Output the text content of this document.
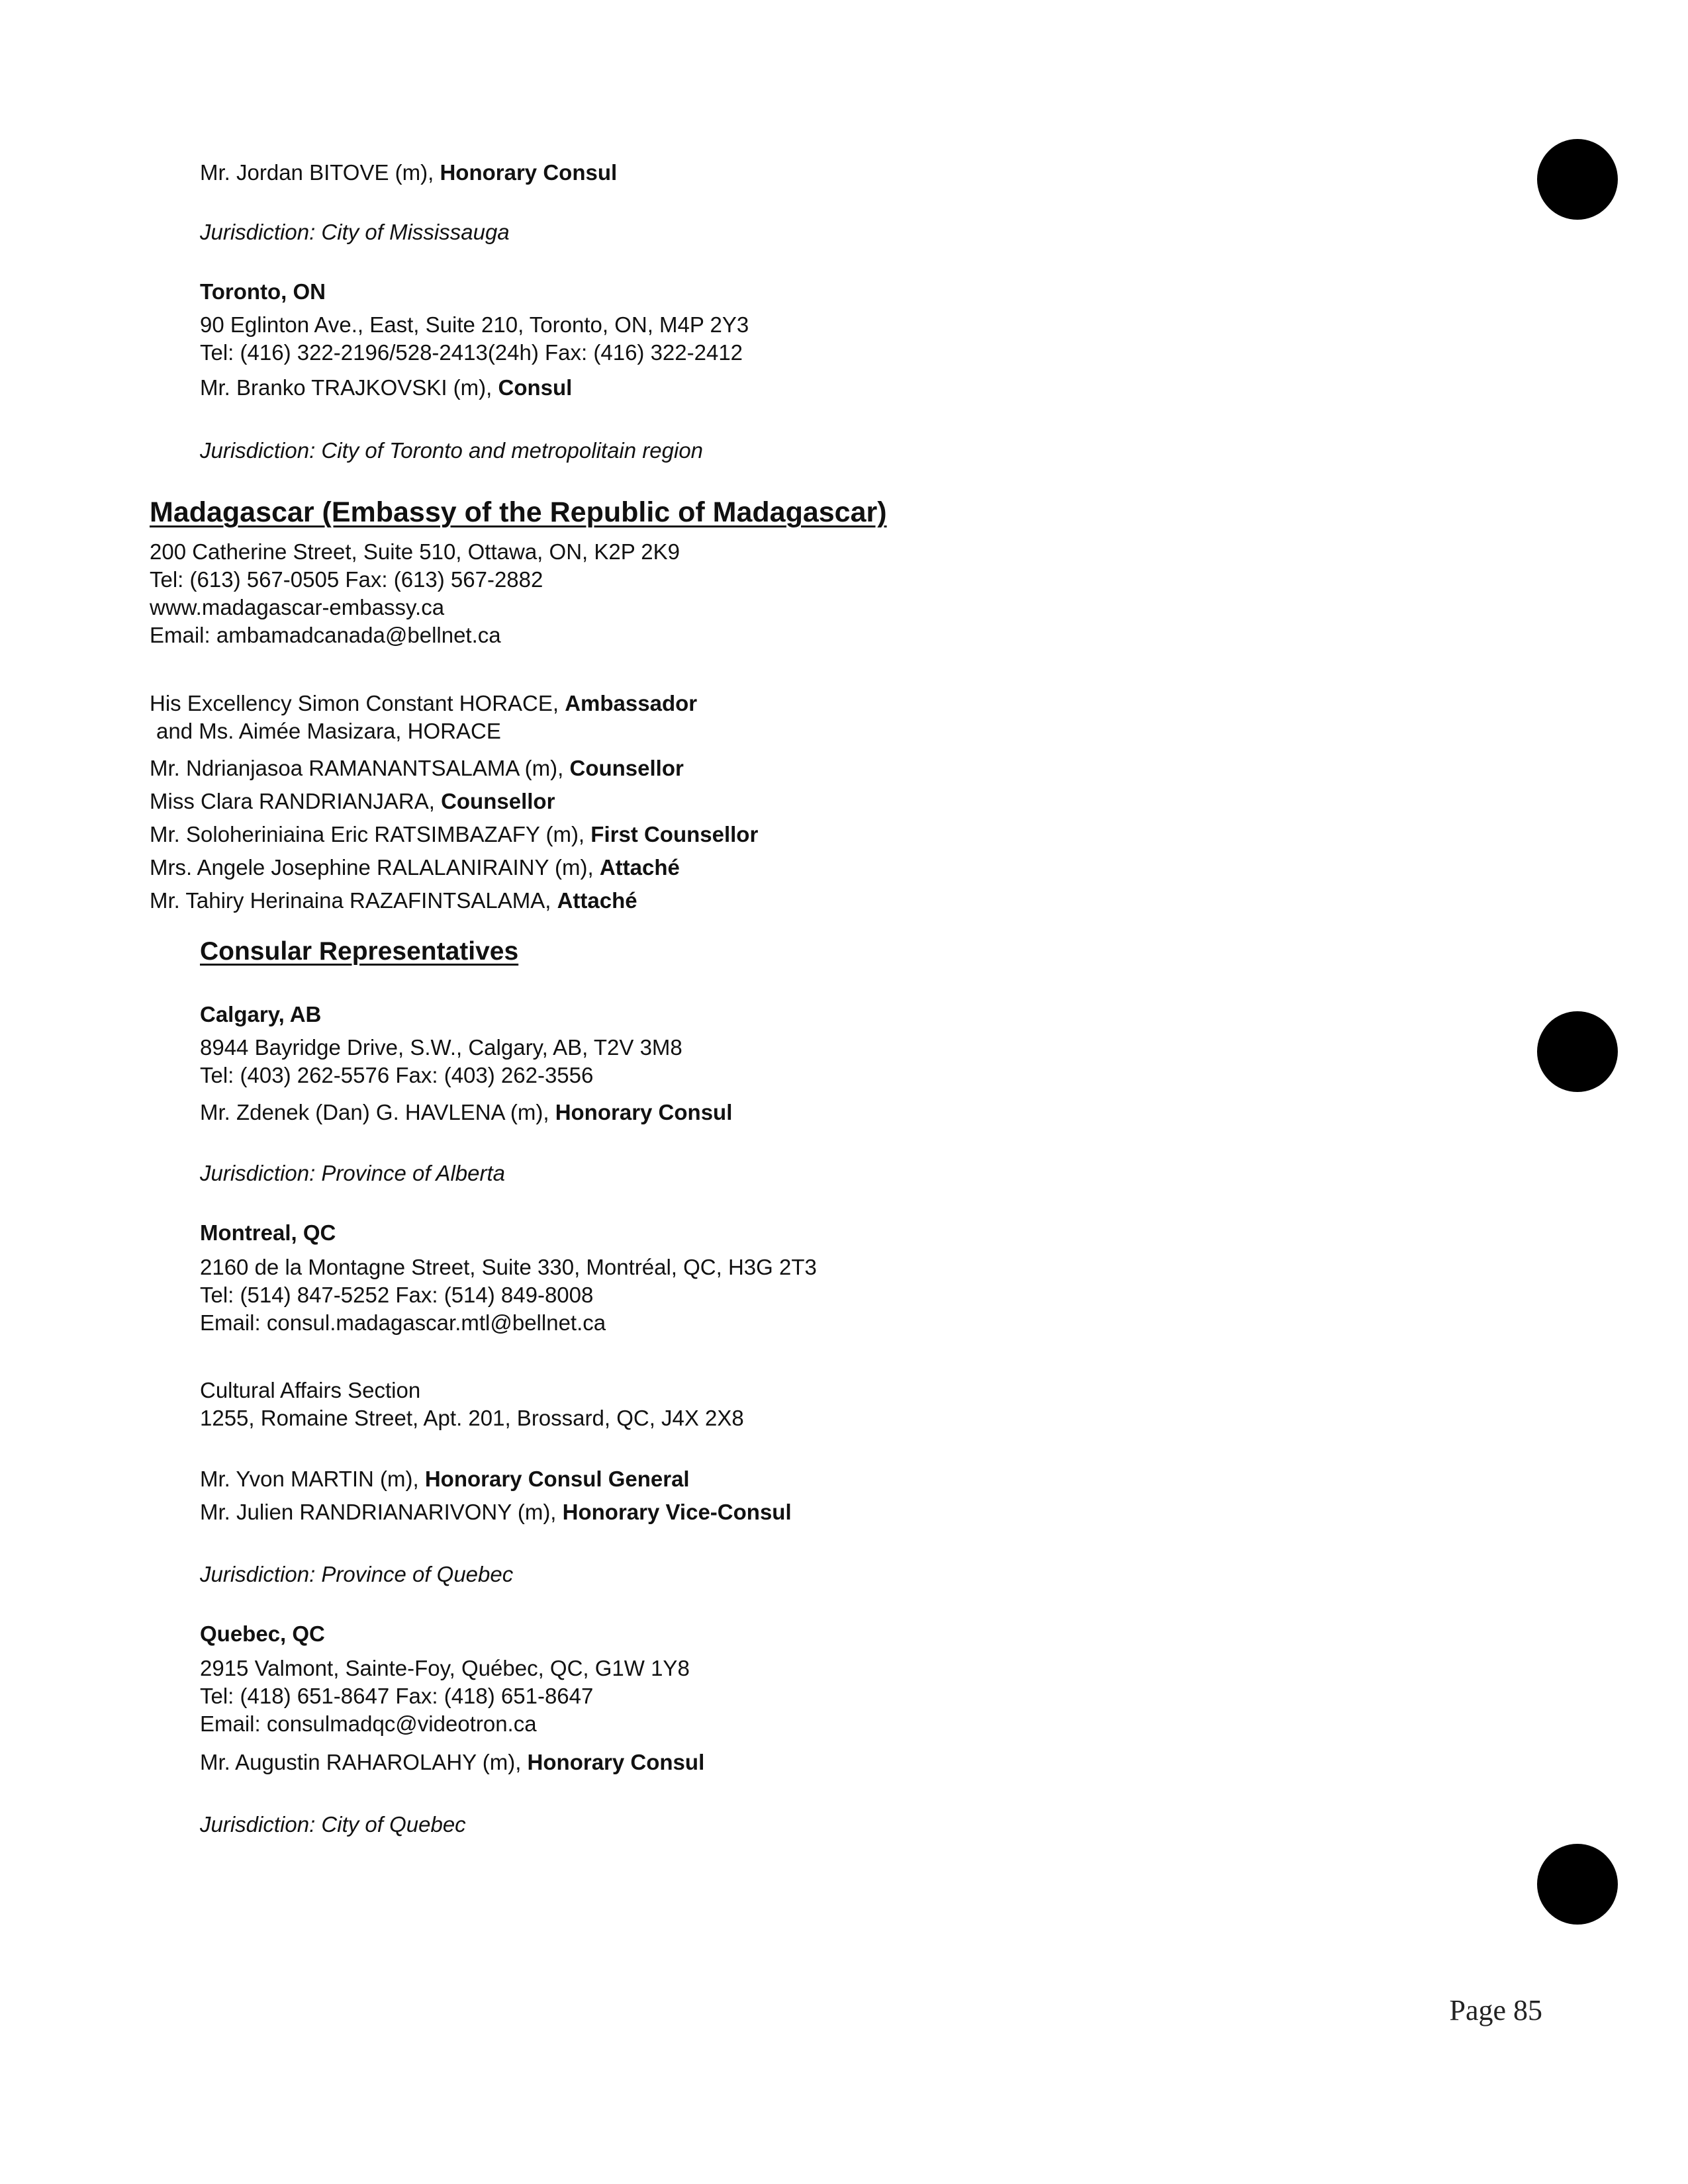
Mr. Jordan BITOVE (m), Honorary Consul

Jurisdiction: City of Mississauga

Toronto, ON

90 Eglinton Ave., East, Suite 210, Toronto, ON, M4P 2Y3

Tel: (416) 322-2196/528-2413(24h) Fax: (416) 322-2412

Mr. Branko TRAJKOVSKI (m), Consul

Jurisdiction: City of Toronto and metropolitain region

Madagascar (Embassy of the Republic of Madagascar)

200 Catherine Street, Suite 510, Ottawa, ON, K2P 2K9

Tel: (613) 567-0505 Fax: (613) 567-2882

www.madagascar-embassy.ca

Email: ambamadcanada@bellnet.ca

His Excellency Simon Constant HORACE, Ambassador

and Ms. Aimée Masizara, HORACE

Mr. Ndrianjasoa RAMANANTSALAMA (m), Counsellor

Miss Clara RANDRIANJARA, Counsellor

Mr. Soloheriniaina Eric RATSIMBAZAFY (m), First Counsellor

Mrs. Angele Josephine RALALANIRAINY (m), Attaché

Mr. Tahiry Herinaina RAZAFINTSALAMA, Attaché

Consular Representatives

Calgary, AB

8944 Bayridge Drive, S.W., Calgary, AB, T2V 3M8

Tel: (403) 262-5576 Fax: (403) 262-3556

Mr. Zdenek (Dan) G. HAVLENA (m), Honorary Consul

Jurisdiction: Province of Alberta

Montreal, QC

2160 de la Montagne Street, Suite 330, Montréal, QC, H3G 2T3

Tel: (514) 847-5252 Fax: (514) 849-8008

Email: consul.madagascar.mtl@bellnet.ca

Cultural Affairs Section

1255, Romaine Street, Apt. 201, Brossard, QC, J4X 2X8

Mr. Yvon MARTIN (m), Honorary Consul General

Mr. Julien RANDRIANARIVONY (m), Honorary Vice-Consul

Jurisdiction: Province of Quebec

Quebec, QC

2915 Valmont, Sainte-Foy, Québec, QC, G1W 1Y8

Tel: (418) 651-8647 Fax: (418) 651-8647

Email: consulmadqc@videotron.ca

Mr. Augustin RAHAROLAHY (m), Honorary Consul

Jurisdiction: City of Quebec

Page 85
